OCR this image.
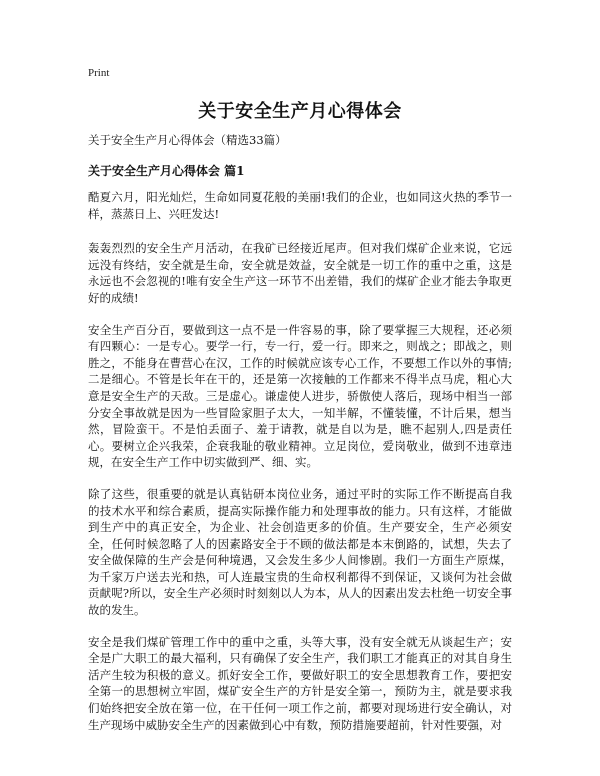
Print
关于安全生产月心得体会

关于安全生产月心得体会（精选33篇）

关于安全生产月心得体会 篇1

酷夏六月，阳光灿烂，生命如同夏花般的美丽!我们的企业，也如同这火热的季节一样，蒸蒸日上、兴旺发达!

轰轰烈烈的安全生产月活动，在我矿已经接近尾声。但对我们煤矿企业来说，它远远没有终结，安全就是生命，安全就是效益，安全就是一切工作的重中之重，这是永远也不会忽视的!唯有安全生产这一环节不出差错，我们的煤矿企业才能去争取更好的成绩!

安全生产百分百，要做到这一点不是一件容易的事，除了要掌握三大规程，还必须有四颗心：一是专心。要学一行，专一行，爱一行。即来之，则战之；即战之，则胜之，不能身在曹营心在汉，工作的时候就应该专心工作，不要想工作以外的事情;二是细心。不管是长年在干的，还是第一次接触的工作都来不得半点马虎，粗心大意是安全生产的天敌。三是虚心。谦虚使人进步，骄傲使人落后，现场中相当一部分安全事故就是因为一些冒险家胆子太大，一知半解，不懂装懂，不计后果，想当然，冒险蛮干。不是怕丢面子、羞于请教，就是自以为是，瞧不起别人,四是责任心。要树立企兴我荣，企衰我耻的敬业精神。立足岗位，爱岗敬业，做到不违章违规，在安全生产工作中切实做到严、细、实。

除了这些，很重要的就是认真钻研本岗位业务，通过平时的实际工作不断提高自我的技术水平和综合素质，提高实际操作能力和处理事故的能力。只有这样，才能做到生产中的真正安全，为企业、社会创造更多的价值。生产要安全，生产必须安全，任何时候忽略了人的因素路安全于不顾的做法都是本末倒路的，试想，失去了安全做保障的生产会是何种境遇，又会发生多少人间惨剧。我们一方面生产原煤，为千家万户送去光和热，可人连最宝贵的生命权利都得不到保证，又谈何为社会做贡献呢?所以，安全生产必须时时刻刻以人为本，从人的因素出发去杜绝一切安全事故的发生。

安全是我们煤矿管理工作中的重中之重，头等大事，没有安全就无从谈起生产；安全是广大职工的最大福利，只有确保了安全生产，我们职工才能真正的对其自身生活产生较为积极的意义。抓好安全工作，要做好职工的安全思想教育工作，要把安全第一的思想树立牢固，煤矿安全生产的方针是安全第一，预防为主，就是要求我们始终把安全放在第一位，在干任何一项工作之前，都要对现场进行安全确认，对生产现场中威胁安全生产的因素做到心中有数，预防措施要超前，针对性要强，对
